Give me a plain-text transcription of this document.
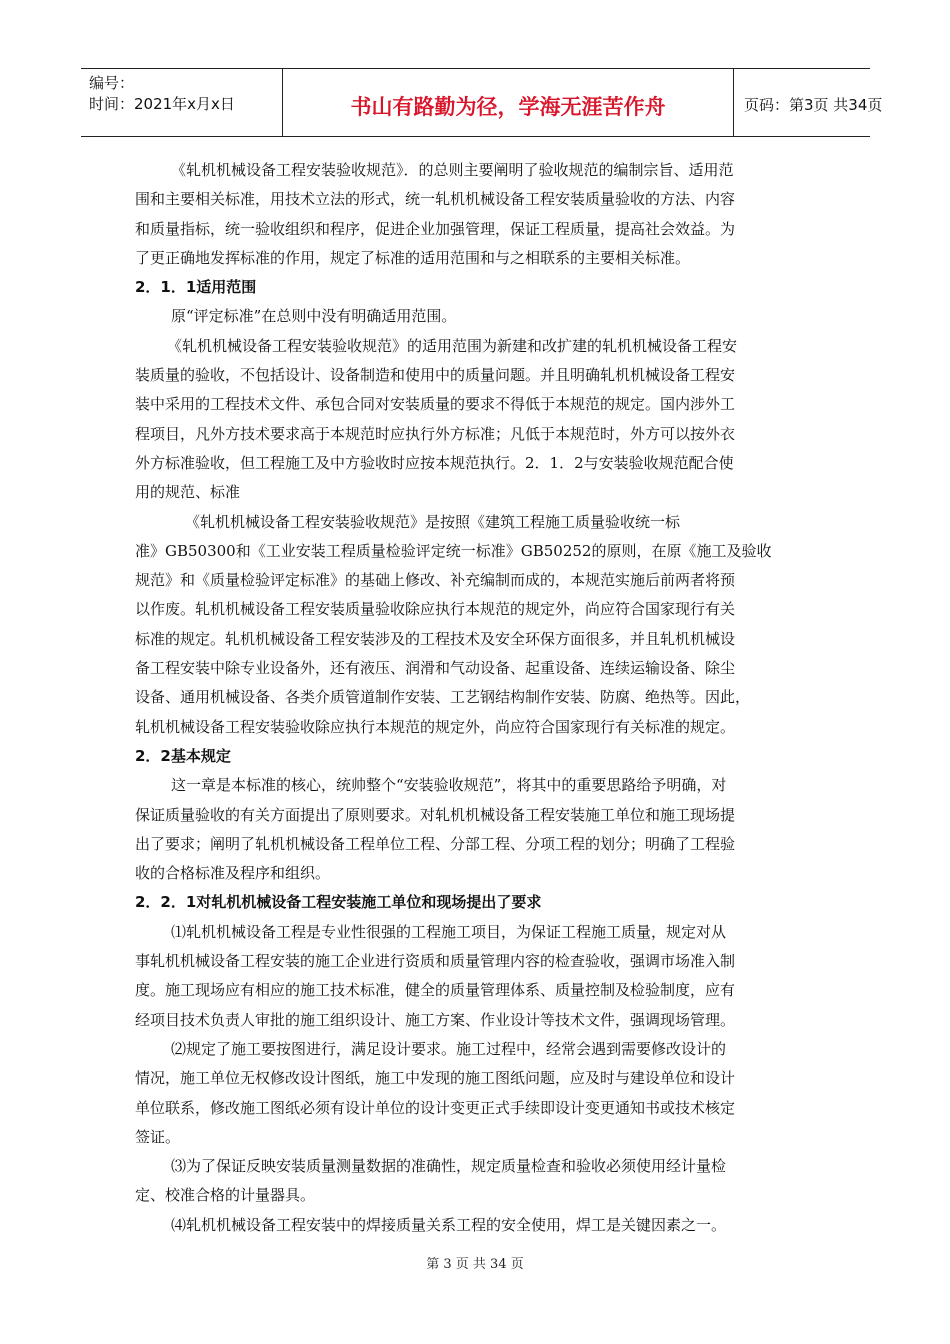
编号：
时间：2021年x月x日	书山有路勤为径，学海无涯苦作舟	页码：第3页 共34页
《轧机机械设备工程安装验收规范》．的总则主要阐明了验收规范的编制宗旨、适用范
围和主要相关标准，用技术立法的形式，统一轧机机械设备工程安装质量验收的方法、内容
和质量指标，统一验收组织和程序，促进企业加强管理，保证工程质量，提高社会效益。为
了更正确地发挥标准的作用，规定了标准的适用范围和与之相联系的主要相关标准。
2．1．1适用范围
原“评定标准”在总则中没有明确适用范围。
《轧机机械设备工程安装验收规范》的适用范围为新建和改扩建的轧机机械设备工程安
装质量的验收，不包括设计、设备制造和使用中的质量问题。并且明确轧机机械设备工程安
装中采用的工程技术文件、承包合同对安装质量的要求不得低于本规范的规定。国内涉外工
程项目，凡外方技术要求高于本规范时应执行外方标准；凡低于本规范时，外方可以按外衣
外方标准验收，但工程施工及中方验收时应按本规范执行。2．1．2与安装验收规范配合使
用的规范、标准
《轧机机械设备工程安装验收规范》是按照《建筑工程施工质量验收统一标
准》GB50300和《工业安装工程质量检验评定统一标准》GB50252的原则，在原《施工及验收
规范》和《质量检验评定标准》的基础上修改、补充编制而成的，本规范实施后前两者将预
以作废。轧机机械设备工程安装质量验收除应执行本规范的规定外，尚应符合国家现行有关
标准的规定。轧机机械设备工程安装涉及的工程技术及安全环保方面很多，并且轧机机械设
备工程安装中除专业设备外，还有液压、润滑和气动设备、起重设备、连续运输设备、除尘
设备、通用机械设备、各类介质管道制作安装、工艺钢结构制作安装、防腐、绝热等。因此，
轧机机械设备工程安装验收除应执行本规范的规定外，尚应符合国家现行有关标准的规定。
2．2基本规定
这一章是本标准的核心，统帅整个“安装验收规范”，将其中的重要思路给予明确，对
保证质量验收的有关方面提出了原则要求。对轧机机械设备工程安装施工单位和施工现场提
出了要求；阐明了轧机机械设备工程单位工程、分部工程、分项工程的划分；明确了工程验
收的合格标准及程序和组织。
2．2．1对轧机机械设备工程安装施工单位和现场提出了要求
⑴轧机机械设备工程是专业性很强的工程施工项目，为保证工程施工质量，规定对从
事轧机机械设备工程安装的施工企业进行资质和质量管理内容的检查验收，强调市场准入制
度。施工现场应有相应的施工技术标准，健全的质量管理体系、质量控制及检验制度，应有
经项目技术负责人审批的施工组织设计、施工方案、作业设计等技术文件，强调现场管理。
⑵规定了施工要按图进行，满足设计要求。施工过程中，经常会遇到需要修改设计的
情况，施工单位无权修改设计图纸，施工中发现的施工图纸问题，应及时与建设单位和设计
单位联系，修改施工图纸必须有设计单位的设计变更正式手续即设计变更通知书或技术核定
签证。
⑶为了保证反映安装质量测量数据的准确性，规定质量检查和验收必须使用经计量检
定、校准合格的计量器具。
⑷轧机机械设备工程安装中的焊接质量关系工程的安全使用，焊工是关键因素之一。
第 3 页 共 34 页
